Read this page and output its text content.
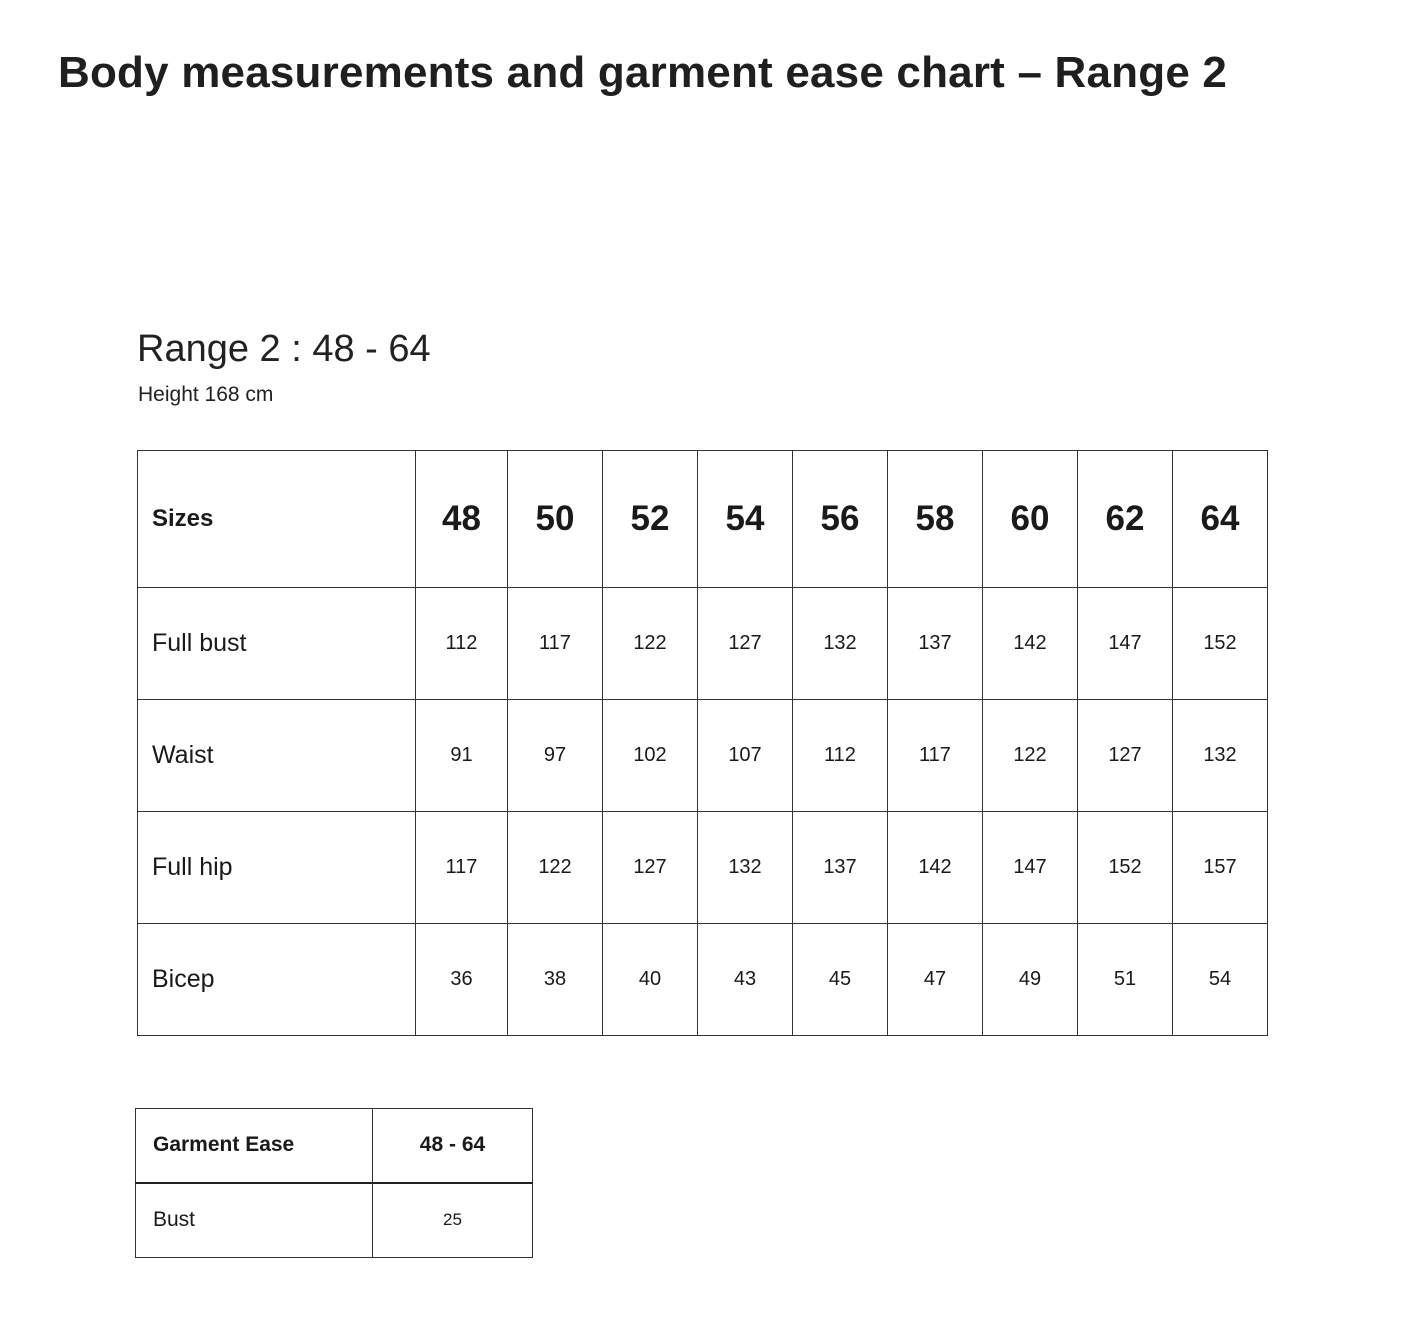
Body measurements and garment ease chart – Range 2
Range 2 : 48 - 64
Height 168 cm
Sizes	48	50	52	54	56	58	60	62	64
Full bust	112	117	122	127	132	137	142	147	152
Waist	91	97	102	107	112	117	122	127	132
Full hip	117	122	127	132	137	142	147	152	157
Bicep	36	38	40	43	45	47	49	51	54
Garment Ease	48 - 64
Bust	25
